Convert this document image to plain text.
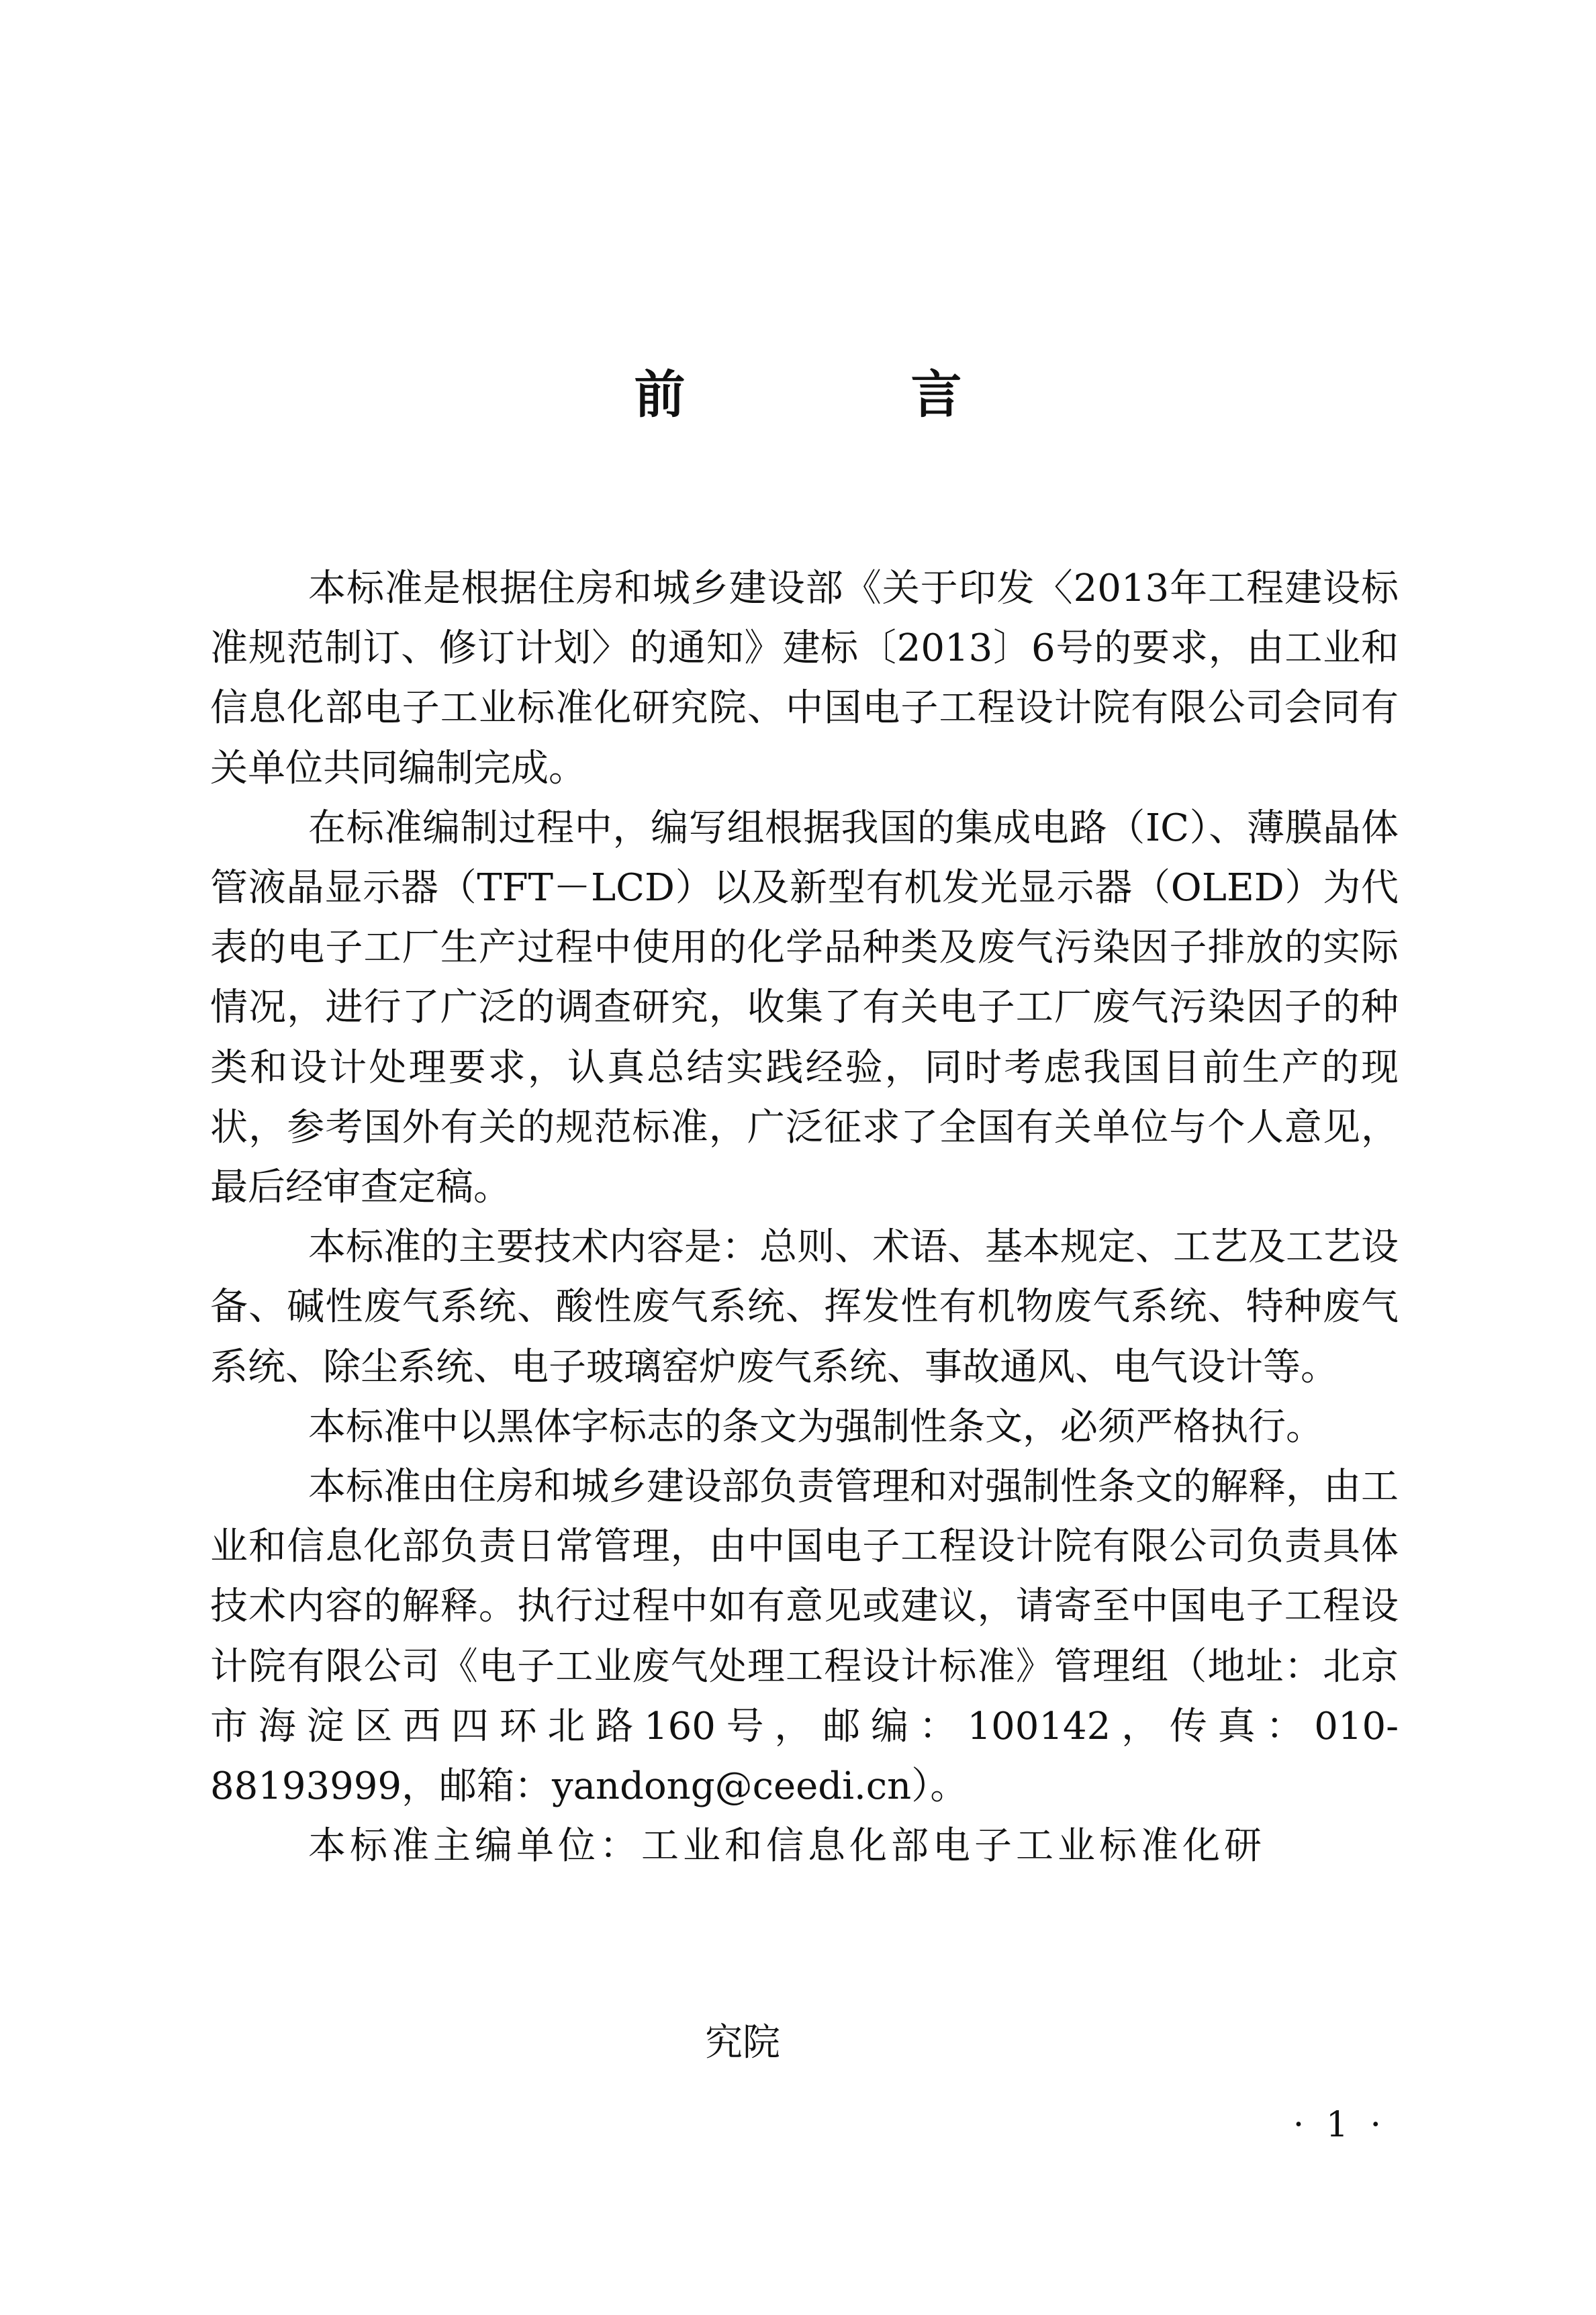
前　言

本标准是根据住房和城乡建设部《关于印发〈2013年工程建设标准规范制订、修订计划〉的通知》建标〔2013〕6号的要求，由工业和信息化部电子工业标准化研究院、中国电子工程设计院有限公司会同有关单位共同编制完成。

在标准编制过程中，编写组根据我国的集成电路（IC）、薄膜晶体管液晶显示器（TFT－LCD）以及新型有机发光显示器（OLED）为代表的电子工厂生产过程中使用的化学品种类及废气污染因子排放的实际情况，进行了广泛的调查研究，收集了有关电子工厂废气污染因子的种类和设计处理要求，认真总结实践经验，同时考虑我国目前生产的现状，参考国外有关的规范标准，广泛征求了全国有关单位与个人意见，最后经审查定稿。

本标准的主要技术内容是：总则、术语、基本规定、工艺及工艺设备、碱性废气系统、酸性废气系统、挥发性有机物废气系统、特种废气系统、除尘系统、电子玻璃窑炉废气系统、事故通风、电气设计等。

本标准中以黑体字标志的条文为强制性条文，必须严格执行。

本标准由住房和城乡建设部负责管理和对强制性条文的解释，由工业和信息化部负责日常管理，由中国电子工程设计院有限公司负责具体技术内容的解释。执行过程中如有意见或建议，请寄至中国电子工程设计院有限公司《电子工业废气处理工程设计标准》管理组（地址：北京市海淀区西四环北路160号，邮编：100142，传真：010-88193999，邮箱：yandong@ceedi.cn）。

本标准主编单位：工业和信息化部电子工业标准化研

究院
· 1 ·
